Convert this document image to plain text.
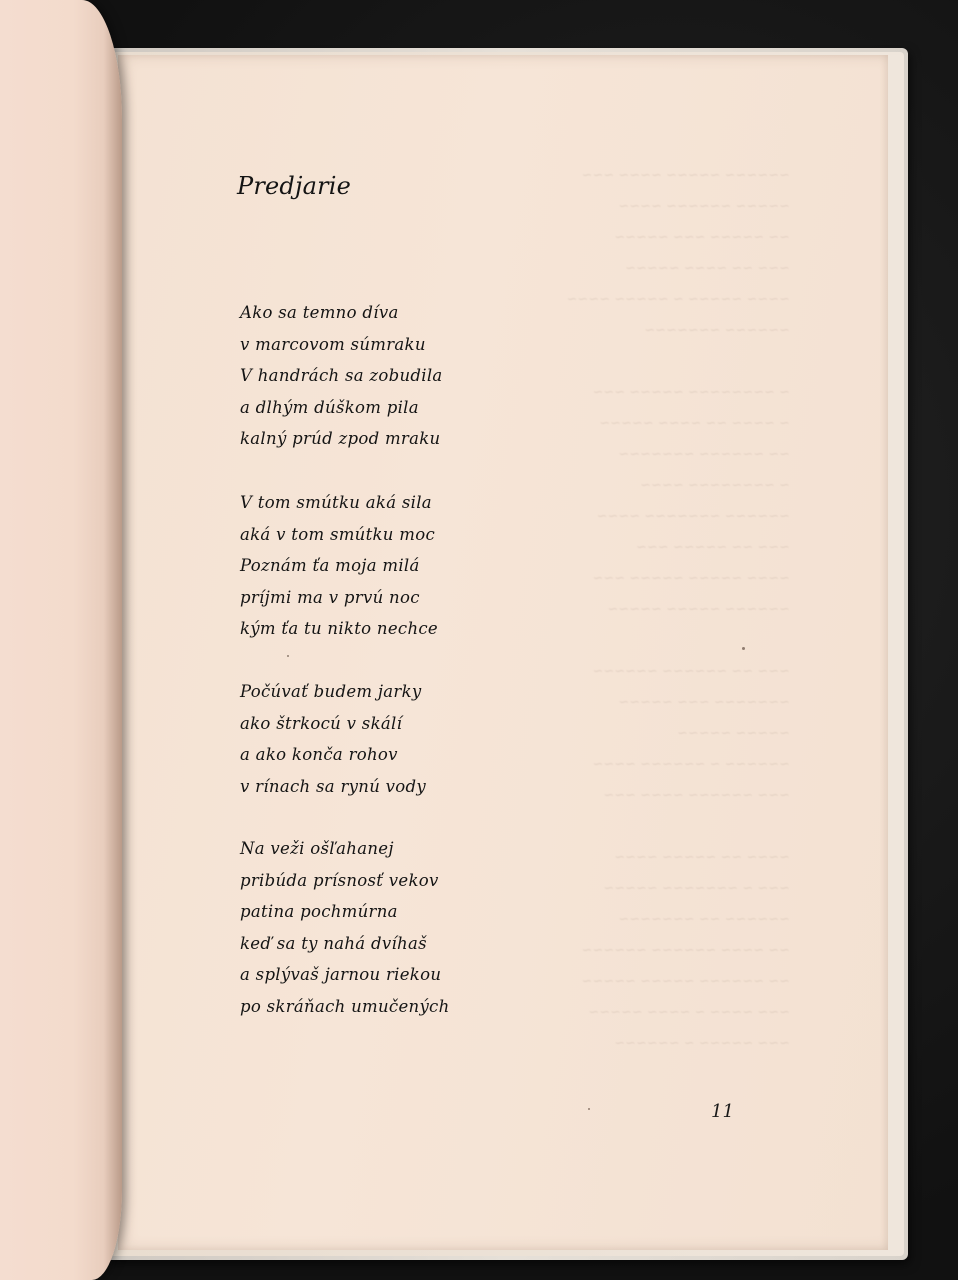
Predjarie

Ako sa temno díva
v marcovom súmraku
V handrách sa zobudila
a dlhým dúškom pila
kalný prúd zpod mraku

V tom smútku aká sila
aká v tom smútku moc
Poznám ťa moja milá
príjmi ma v prvú noc
kým ťa tu nikto nechce

Počúvať budem jarky
ako štrkocú v skálí
a ako konča rohov
v rínach sa rynú vody

Na veži ošľahanej
pribúda prísnosť vekov
patina pochmúrna
keď sa ty nahá dvíhaš
a splývaš jarnou riekou
po skráňach umučených

11
